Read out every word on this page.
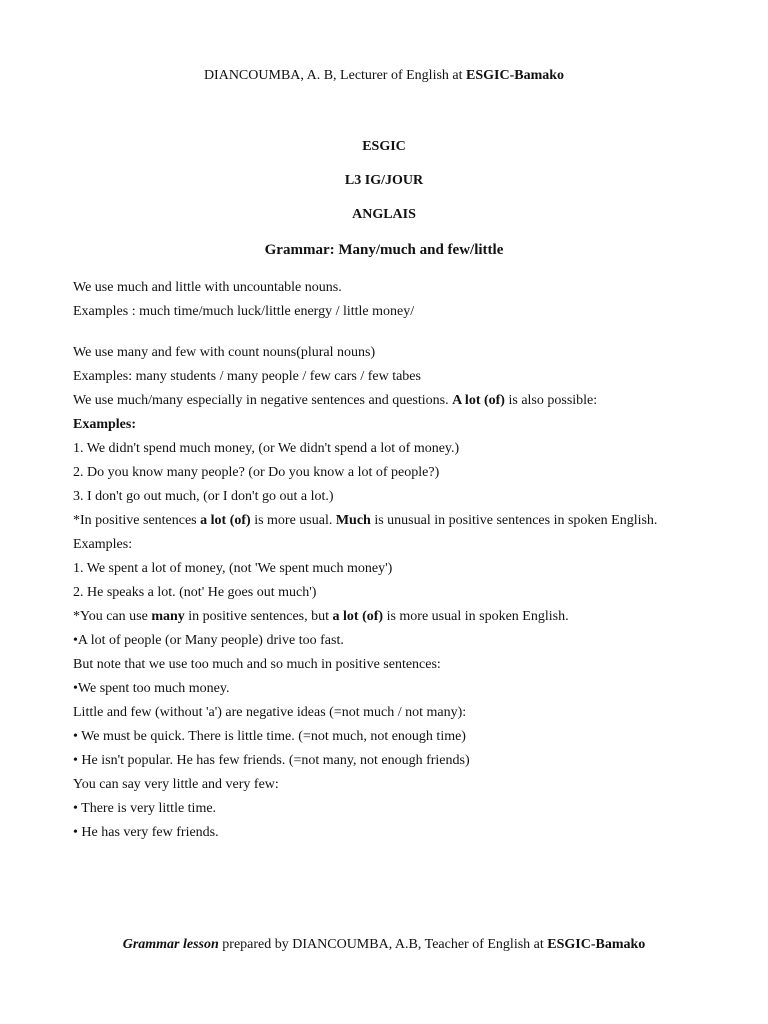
DIANCOUMBA, A. B, Lecturer of English at ESGIC-Bamako
ESGIC
L3 IG/JOUR
ANGLAIS
Grammar: Many/much and few/little

We use much and little with uncountable nouns.

Examples : much time/much luck/little energy / little money/

We use many and few with count nouns(plural nouns)

Examples: many students / many people / few cars / few tabes

We use much/many especially in negative sentences and questions. A lot (of) is also possible:

Examples:

1. We didn't spend much money, (or We didn't spend a lot of money.)

2. Do you know many people? (or Do you know a lot of people?)

3. I don't go out much, (or I don't go out a lot.)

*In positive sentences a lot (of) is more usual. Much is unusual in positive sentences in spoken English.

Examples:

1. We spent a lot of money, (not 'We spent much money')

2. He speaks a lot. (not' He goes out much')

*You can use many in positive sentences, but a lot (of) is more usual in spoken English.

•A lot of people (or Many people) drive too fast.

But note that we use too much and so much in positive sentences:

•We spent too much money.

Little and few (without 'a') are negative ideas (=not much / not many):

• We must be quick. There is little time. (=not much, not enough time)

• He isn't popular. He has few friends. (=not many, not enough friends)

You can say very little and very few:

• There is very little time.

• He has very few friends.

Grammar lesson prepared by DIANCOUMBA, A.B, Teacher of English at ESGIC-Bamako
